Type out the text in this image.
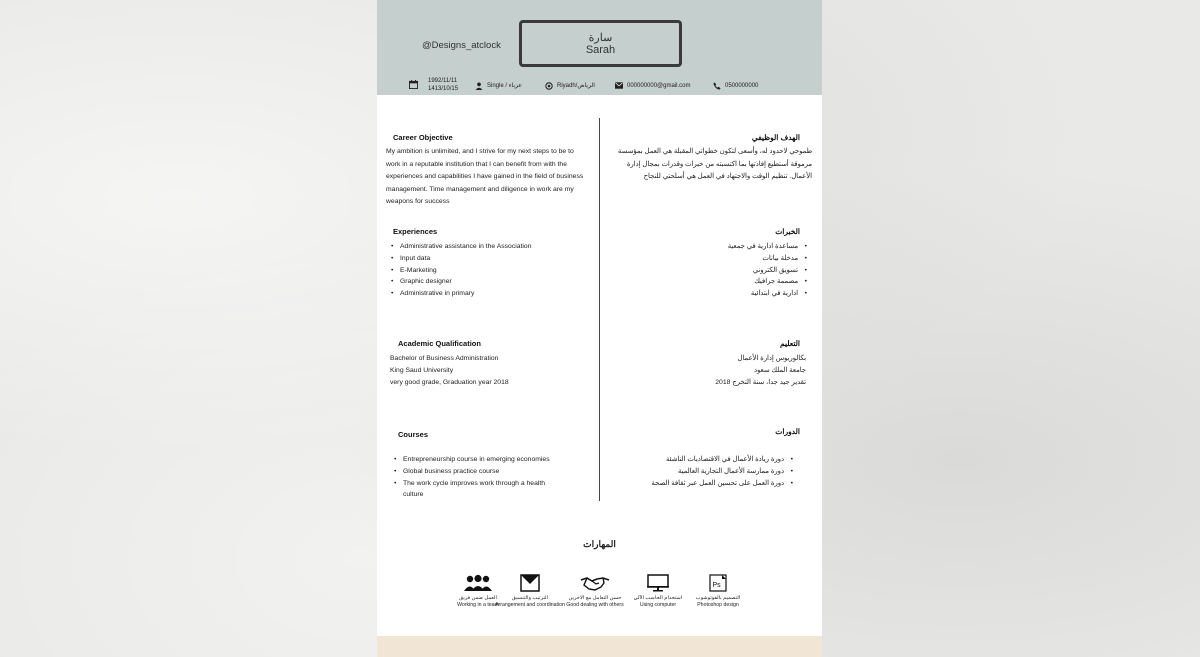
@Designs_atclock
سارة
Sarah
1992/11/11
1413/10/15	Single / عزباء	Riyadh/الرياض	000000000@gmail.com	0500000000
Career Objective
My ambition is unlimited, and I strive for my next steps to be to work in a reputable institution that I can benefit from with the experiences and capabilities I have gained in the field of business management. Time management and diligence in work are my weapons for success
Experiences
• Administrative assistance in the Association
• Input data
• E-Marketing
• Graphic designer
• Administrative in primary
Academic Qualification
Bachelor of Business Administration
King Saud University
very good grade, Graduation year 2018
Courses
• Entrepreneurship course in emerging economies
• Global business practice course
• The work cycle improves work through a health culture
الهدف الوظيفي
طموحي لاحدود له، وأسعى لتكون خطواتي المقبلة هي العمل بمؤسسة مرموقة أستطيع إفادتها بما اكتسبته من خبرات وقدرات بمجال إدارة الأعمال. تنظيم الوقت والاجتهاد في العمل هي أسلحتي للنجاح
الخبرات
• مساعدة ادارية في جمعية
• مدخلة بيانات
• تسويق الكتروني
• مصممة جرافيك
• ادارية في ابتدائية
التعليم
بكالوريوس إدارة الأعمال
جامعة الملك سعود
تقدير جيد جدا، سنة التخرج 2018
الدورات
• دورة ريادة الأعمال في الاقتصاديات الناشئة
• دورة ممارسة الأعمال التجارية العالمية
• دورة العمل على تحسين العمل عبر ثقافة الصحة
المهارات
العمل ضمن فريق
Working in a team
الترتيب والتنسيق
Arrangement and coordination
حسن التعامل مع الاخرين
Good dealing with others
استخدام الحاسب الآلي
Using computer
Ps
التصميم بالفوتوشوب
Photoshop design
